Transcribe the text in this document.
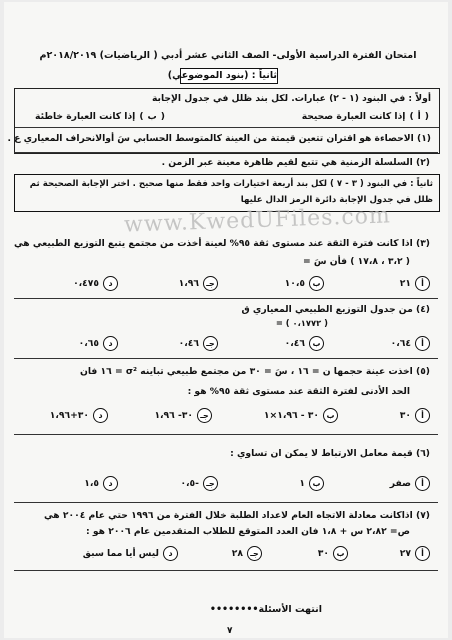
امتحان الفترة الدراسية الأولى- الصف الثاني عشر أدبي ( الرياضيات) ٢٠١٨/٢٠١٩م
ثانياً : (بنود الموضوعي)
أولاً : في البنود (١ - ٢) عبارات. لكل بند ظلل في جدول الإجابة
(
أ
)
إذا كانت العبارة صحيحة
(
ب
)
إذا كانت العبارة خاطئة
(١) الاحصاءة هو اقتران تتعين قيمتة من العينة كالمتوسط الحسابي سَ أوالانحراف المعياري ع .
(٢) السلسلة الزمنية هي تتبع لقيم ظاهرة معينة عبر الزمن .
ثانياً : في البنود ( ٣ - ٧ ) لكل بند أربعة اختيارات واحد فقط منها صحيح . اختر الإجابة الصحيحة ثم
ظلل في جدول الإجابة دائرة الرمز الدال عليها
www.KwedUFiles.com
(٣) اذا كانت فترة الثقة عند مستوى ثقة ٩٥% لعينة أخذت من مجتمع يتبع التوزيع الطبيعي هي
( ٣،٢ ، ١٧،٨ ) فأن سَ =
أ
٢١
ب
١٠،٥
جـ
١،٩٦
د
٠،٤٧٥
(٤) من جدول التوزيع الطبيعي المعياري ق
( ٠،١٧٧٢ ) =
أ
٠،٦٤
ب
٠،٤٦
جـ
٠،٤٦
د
٠،٦٥
(٥) اخذت عينة حجمها ن = ١٦ ، سَ = ٣٠ من مجتمع طبيعي تباينه σ² = ١٦ فان
الحد الأدنى لفترة الثقة عند مستوى ثقة ٩٥% هو :
أ
٣٠
ب
٣٠ - ١،٩٦×١
جـ
٣٠- ١،٩٦
د
٣٠+١،٩٦
(٦) قيمة معامل الارتباط لا يمكن ان تساوي :
أ
صفر
ب
١
جـ
-٠،٥
د
١،٥
(٧) اذاكانت معادلة الاتجاه العام لاعداد الطلبة خلال الفترة من ١٩٩٦ حتي عام ٢٠٠٤ هي
ص= ٢،٨٢ س + ١،٨ فان العدد المتوقع للطلاب المتقدمين عام ٢٠٠٦ هو :
أ
٢٧
ب
٣٠
جـ
٢٨
د
ليس أيا مما سبق
انتهت الأسئلة••••••••
٧
